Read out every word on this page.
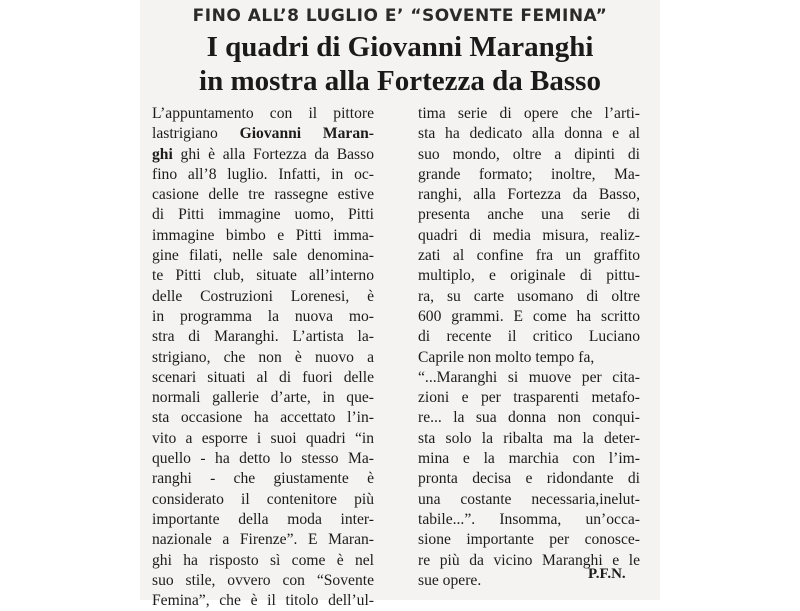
FINO ALL’8 LUGLIO E’ “SOVENTE FEMINA”
I quadri di Giovanni Maranghi
in mostra alla Fortezza da Basso
L’appuntamento con il pittore
lastrigiano Giovanni Maran-
ghi ghi è alla Fortezza da Basso
fino all’8 luglio. Infatti, in oc-
casione delle tre rassegne estive
di Pitti immagine uomo, Pitti
immagine bimbo e Pitti imma-
gine filati, nelle sale denomina-
te Pitti club, situate all’interno
delle Costruzioni Lorenesi, è
in programma la nuova mo-
stra di Maranghi. L’artista la-
strigiano, che non è nuovo a
scenari situati al di fuori delle
normali gallerie d’arte, in que-
sta occasione ha accettato l’in-
vito a esporre i suoi quadri “in
quello - ha detto lo stesso Ma-
ranghi - che giustamente è
considerato il contenitore più
importante della moda inter-
nazionale a Firenze”. E Maran-
ghi ha risposto sì come è nel
suo stile, ovvero con “Sovente
Femina”, che è il titolo dell’ul-
tima serie di opere che l’arti-
sta ha dedicato alla donna e al
suo mondo, oltre a dipinti di
grande formato; inoltre, Ma-
ranghi, alla Fortezza da Basso,
presenta anche una serie di
quadri di media misura, realiz-
zati al confine fra un graffito
multiplo, e originale di pittu-
ra, su carte usomano di oltre
600 grammi. E come ha scritto
di recente il critico Luciano
Caprile non molto tempo fa,
“...Maranghi si muove per cita-
zioni e per trasparenti metafo-
re... la sua donna non conqui-
sta solo la ribalta ma la deter-
mina e la marchia con l’im-
pronta decisa e ridondante di
una costante necessaria,inelut-
tabile...”. Insomma, un’occa-
sione importante per conosce-
re più da vicino Maranghi e le
sue opere.	P.F.N.
